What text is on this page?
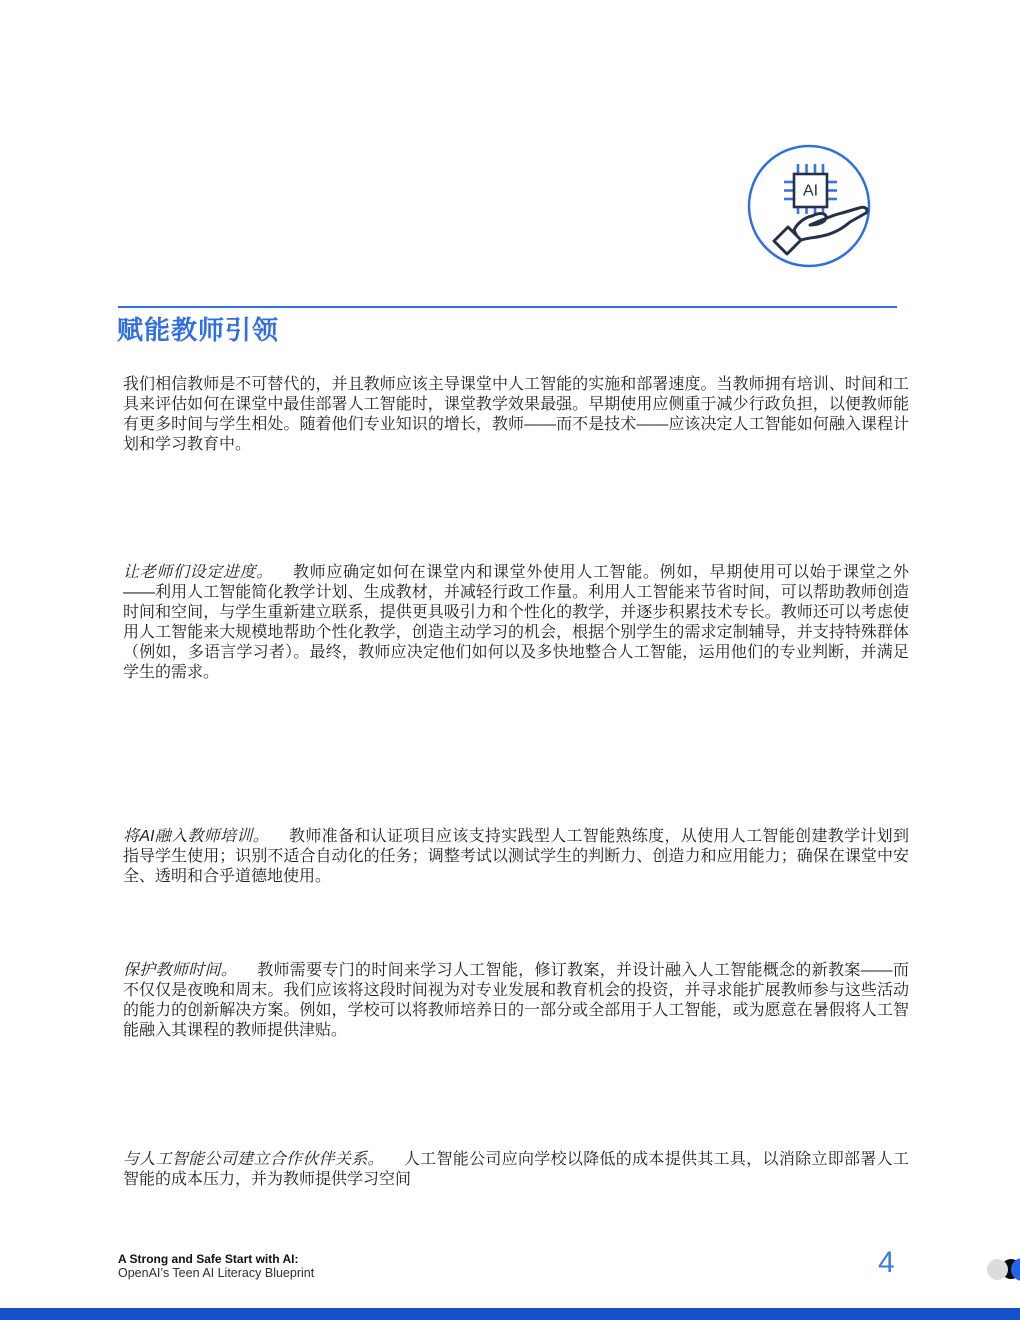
AI
赋能教师引领

我们相信教师是不可替代的，并且教师应该主导课堂中人工智能的实施和部署速度。当教师拥有培训、时间和工具来评估如何在课堂中最佳部署人工智能时，课堂教学效果最强。早期使用应侧重于减少行政负担，以便教师能有更多时间与学生相处。随着他们专业知识的增长，教师——而不是技术——应该决定人工智能如何融入课程计划和学习教育中。

让老师们设定进度。 教师应确定如何在课堂内和课堂外使用人工智能。例如，早期使用可以始于课堂之外——利用人工智能简化教学计划、生成教材，并减轻行政工作量。利用人工智能来节省时间，可以帮助教师创造时间和空间，与学生重新建立联系，提供更具吸引力和个性化的教学，并逐步积累技术专长。教师还可以考虑使用人工智能来大规模地帮助个性化教学，创造主动学习的机会，根据个别学生的需求定制辅导，并支持特殊群体（例如，多语言学习者）。最终，教师应决定他们如何以及多快地整合人工智能，运用他们的专业判断，并满足学生的需求。

将AI融入教师培训。 教师准备和认证项目应该支持实践型人工智能熟练度，从使用人工智能创建教学计划到指导学生使用；识别不适合自动化的任务；调整考试以测试学生的判断力、创造力和应用能力；确保在课堂中安全、透明和合乎道德地使用。

保护教师时间。 教师需要专门的时间来学习人工智能，修订教案，并设计融入人工智能概念的新教案——而不仅仅是夜晚和周末。我们应该将这段时间视为对专业发展和教育机会的投资，并寻求能扩展教师参与这些活动的能力的创新解决方案。例如，学校可以将教师培养日的一部分或全部用于人工智能，或为愿意在暑假将人工智能融入其课程的教师提供津贴。

与人工智能公司建立合作伙伴关系。 人工智能公司应向学校以降低的成本提供其工具，以消除立即部署人工智能的成本压力，并为教师提供学习空间

A Strong and Safe Start with AI:
OpenAI’s Teen AI Literacy Blueprint	4
